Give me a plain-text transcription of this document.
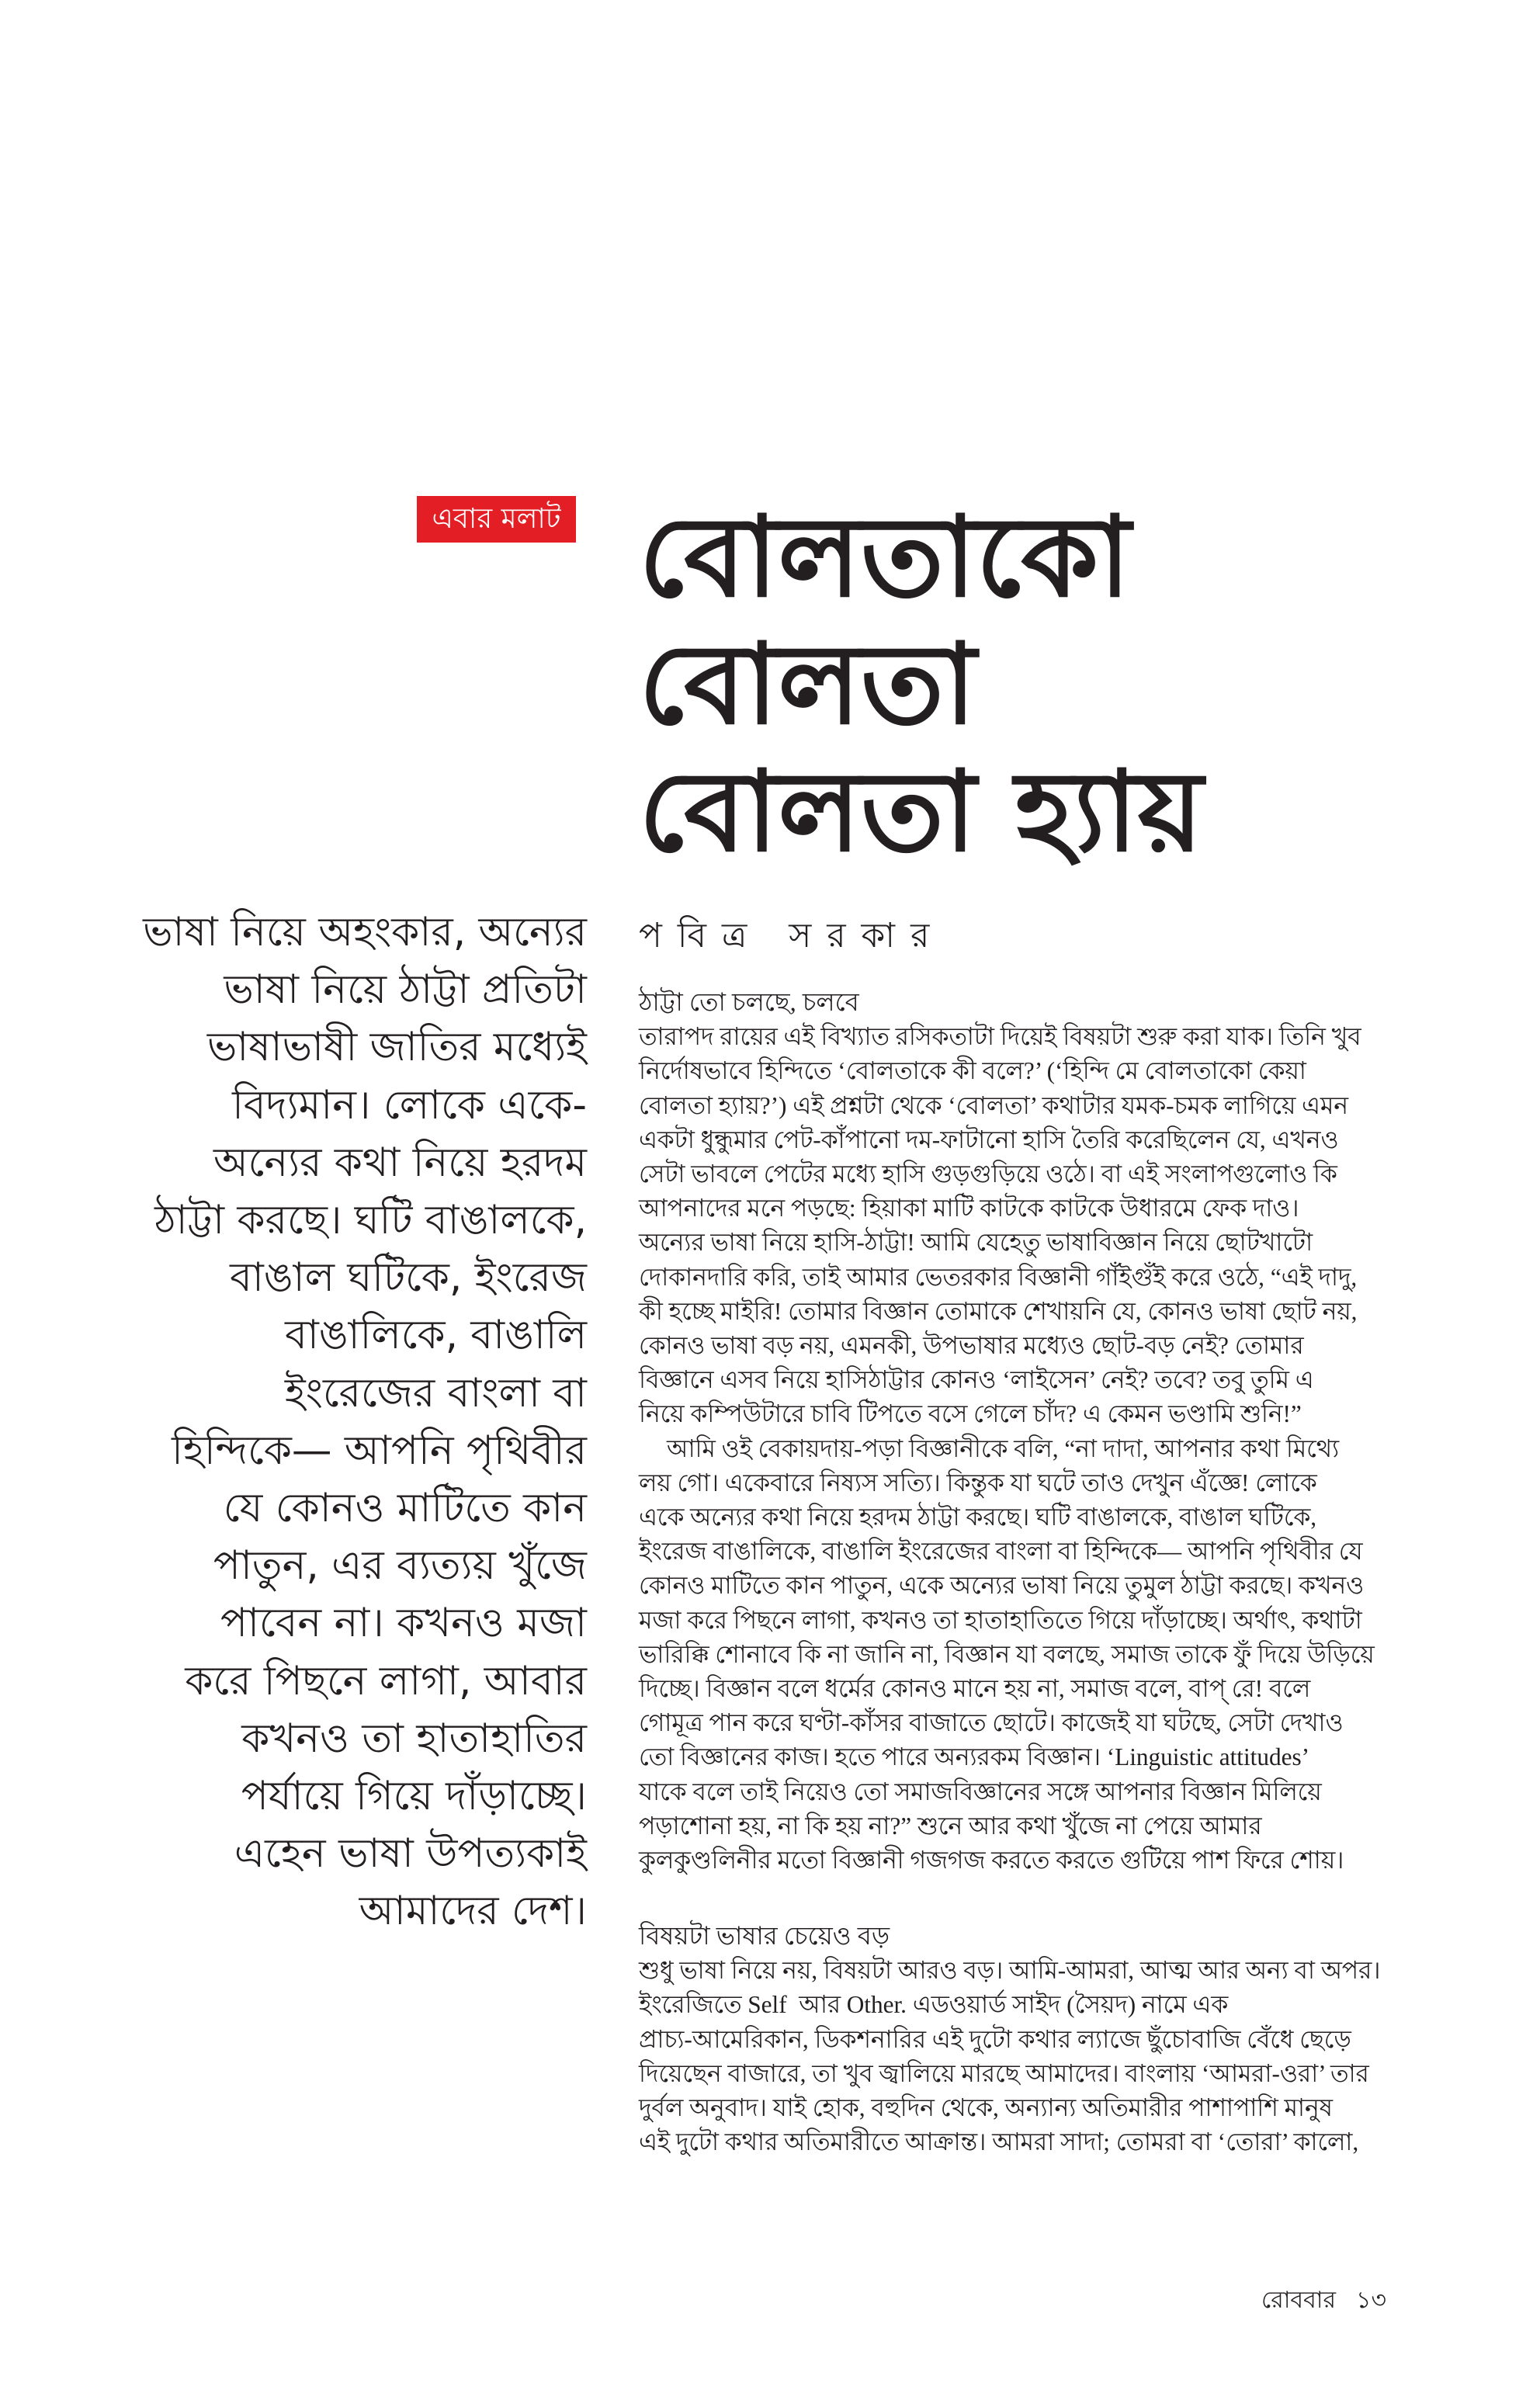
এবার মলাট বোলতাকো
বোলতা
বোলতা হ্যায়
পবিত্র সরকার
ভাষা নিয়ে অহংকার, অন্যের
ভাষা নিয়ে ঠাট্টা প্রতিটা
ভাষাভাষী জাতির মধ্যেই
বিদ্যমান। লোকে একে-
অন্যের কথা নিয়ে হরদম
ঠাট্টা করছে। ঘটি বাঙালকে,
বাঙাল ঘটিকে, ইংরেজ
বাঙালিকে, বাঙালি
ইংরেজের বাংলা বা
হিন্দিকে— আপনি পৃথিবীর
যে কোনও মাটিতে কান
পাতুন, এর ব্যত্যয় খুঁজে
পাবেন না। কখনও মজা
করে পিছনে লাগা, আবার
কখনও তা হাতাহাতির
পর্যায়ে গিয়ে দাঁড়াচ্ছে।
এহেন ভাষা উপত্যকাই
আমাদের দেশ।
ঠাট্টা তো চলছে, চলবে
তারাপদ রায়ের এই বিখ্যাত রসিকতাটা দিয়েই বিষয়টা শুরু করা যাক। তিনি খুব
নির্দোষভাবে হিন্দিতে ‘বোলতাকে কী বলে?’ (‘হিন্দি মে বোলতাকো কেয়া
বোলতা হ্যায়?’) এই প্রশ্নটা থেকে ‘বোলতা’ কথাটার যমক-চমক লাগিয়ে এমন
একটা ধুন্ধুমার পেট-কাঁপানো দম-ফাটানো হাসি তৈরি করেছিলেন যে, এখনও
সেটা ভাবলে পেটের মধ্যে হাসি গুড়গুড়িয়ে ওঠে। বা এই সংলাপগুলোও কি
আপনাদের মনে পড়ছে: হিয়াকা মাটি কাটকে কাটকে উধারমে ফেক দাও।
অন্যের ভাষা নিয়ে হাসি-ঠাট্টা! আমি যেহেতু ভাষাবিজ্ঞান নিয়ে ছোটখাটো
দোকানদারি করি, তাই আমার ভেতরকার বিজ্ঞানী গাঁইগুঁই করে ওঠে, “এই দাদু,
কী হচ্ছে মাইরি! তোমার বিজ্ঞান তোমাকে শেখায়নি যে, কোনও ভাষা ছোট নয়,
কোনও ভাষা বড় নয়, এমনকী, উপভাষার মধ্যেও ছোট-বড় নেই? তোমার
বিজ্ঞানে এসব নিয়ে হাসিঠাট্টার কোনও ‘লাইসেন’ নেই? তবে? তবু তুমি এ
নিয়ে কম্পিউটারে চাবি টিপতে বসে গেলে চাঁদ? এ কেমন ভণ্ডামি শুনি!”
আমি ওই বেকায়দায়-পড়া বিজ্ঞানীকে বলি, “না দাদা, আপনার কথা মিথ্যে
লয় গো। একেবারে নিষ্যস সত্যি। কিন্তুক যা ঘটে তাও দেখুন এঁজ্ঞে! লোকে
একে অন্যের কথা নিয়ে হরদম ঠাট্টা করছে। ঘটি বাঙালকে, বাঙাল ঘটিকে,
ইংরেজ বাঙালিকে, বাঙালি ইংরেজের বাংলা বা হিন্দিকে— আপনি পৃথিবীর যে
কোনও মাটিতে কান পাতুন, একে অন্যের ভাষা নিয়ে তুমুল ঠাট্টা করছে। কখনও
মজা করে পিছনে লাগা, কখনও তা হাতাহাতিতে গিয়ে দাঁড়াচ্ছে। অর্থাৎ, কথাটা
ভারিক্কি শোনাবে কি না জানি না, বিজ্ঞান যা বলছে, সমাজ তাকে ফুঁ দিয়ে উড়িয়ে
দিচ্ছে। বিজ্ঞান বলে ধর্মের কোনও মানে হয় না, সমাজ বলে, বাপ্ রে! বলে
গোমূত্র পান করে ঘণ্টা-কাঁসর বাজাতে ছোটে। কাজেই যা ঘটছে, সেটা দেখাও
তো বিজ্ঞানের কাজ। হতে পারে অন্যরকম বিজ্ঞান। ‘Linguistic attitudes’
যাকে বলে তাই নিয়েও তো সমাজবিজ্ঞানের সঙ্গে আপনার বিজ্ঞান মিলিয়ে
পড়াশোনা হয়, না কি হয় না?” শুনে আর কথা খুঁজে না পেয়ে আমার
কুলকুণ্ডলিনীর মতো বিজ্ঞানী গজগজ করতে করতে গুটিয়ে পাশ ফিরে শোয়।
বিষয়টা ভাষার চেয়েও বড়
শুধু ভাষা নিয়ে নয়, বিষয়টা আরও বড়। আমি-আমরা, আত্ম আর অন্য বা অপর।
ইংরেজিতে Self  আর Other. এডওয়ার্ড সাইদ (সৈয়দ) নামে এক
প্রাচ্য-আমেরিকান, ডিকশনারির এই দুটো কথার ল্যাজে ছুঁচোবাজি বেঁধে ছেড়ে
দিয়েছেন বাজারে, তা খুব জ্বালিয়ে মারছে আমাদের। বাংলায় ‘আমরা-ওরা’ তার
দুর্বল অনুবাদ। যাই হোক, বহুদিন থেকে, অন্যান্য অতিমারীর পাশাপাশি মানুষ
এই দুটো কথার অতিমারীতে আক্রান্ত। আমরা সাদা; তোমরা বা ‘তোরা’ কালো,
রোববার ১৩
